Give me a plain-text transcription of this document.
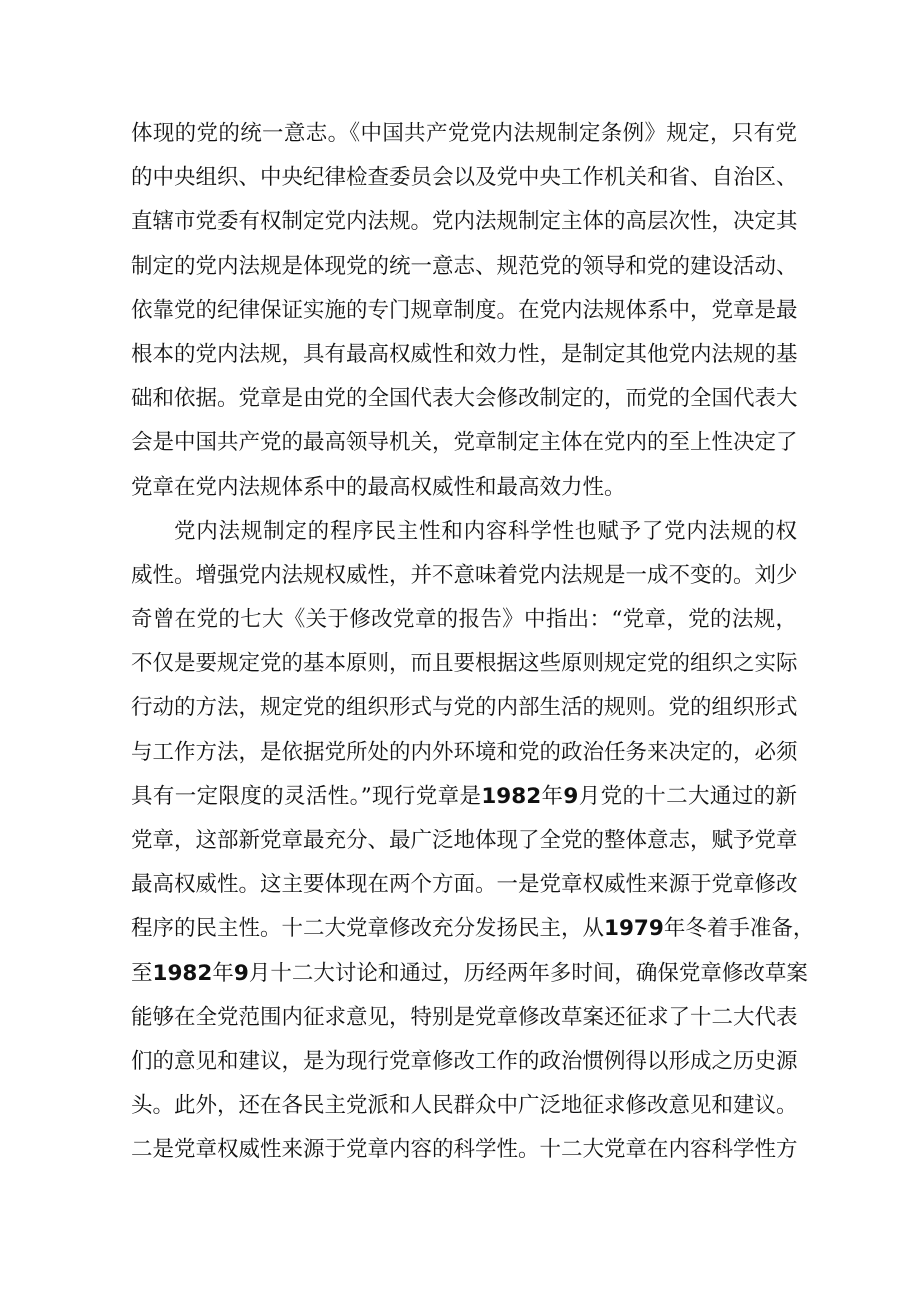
体现的党的统一意志。《中国共产党党内法规制定条例》规定，只有党
的中央组织、中央纪律检查委员会以及党中央工作机关和省、自治区、
直辖市党委有权制定党内法规。党内法规制定主体的高层次性，决定其
制定的党内法规是体现党的统一意志、规范党的领导和党的建设活动、
依靠党的纪律保证实施的专门规章制度。在党内法规体系中，党章是最
根本的党内法规，具有最高权威性和效力性，是制定其他党内法规的基
础和依据。党章是由党的全国代表大会修改制定的，而党的全国代表大
会是中国共产党的最高领导机关，党章制定主体在党内的至上性决定了
党章在党内法规体系中的最高权威性和最高效力性。
党内法规制定的程序民主性和内容科学性也赋予了党内法规的权
威性。增强党内法规权威性，并不意味着党内法规是一成不变的。刘少
奇曾在党的七大《关于修改党章的报告》中指出：“党章，党的法规，
不仅是要规定党的基本原则，而且要根据这些原则规定党的组织之实际
行动的方法，规定党的组织形式与党的内部生活的规则。党的组织形式
与工作方法，是依据党所处的内外环境和党的政治任务来决定的，必须
具有一定限度的灵活性。”现行党章是1982年9月党的十二大通过的新
党章，这部新党章最充分、最广泛地体现了全党的整体意志，赋予党章
最高权威性。这主要体现在两个方面。一是党章权威性来源于党章修改
程序的民主性。十二大党章修改充分发扬民主，从1979年冬着手准备，
至1982年9月十二大讨论和通过，历经两年多时间，确保党章修改草案
能够在全党范围内征求意见，特别是党章修改草案还征求了十二大代表
们的意见和建议，是为现行党章修改工作的政治惯例得以形成之历史源
头。此外，还在各民主党派和人民群众中广泛地征求修改意见和建议。
二是党章权威性来源于党章内容的科学性。十二大党章在内容科学性方
